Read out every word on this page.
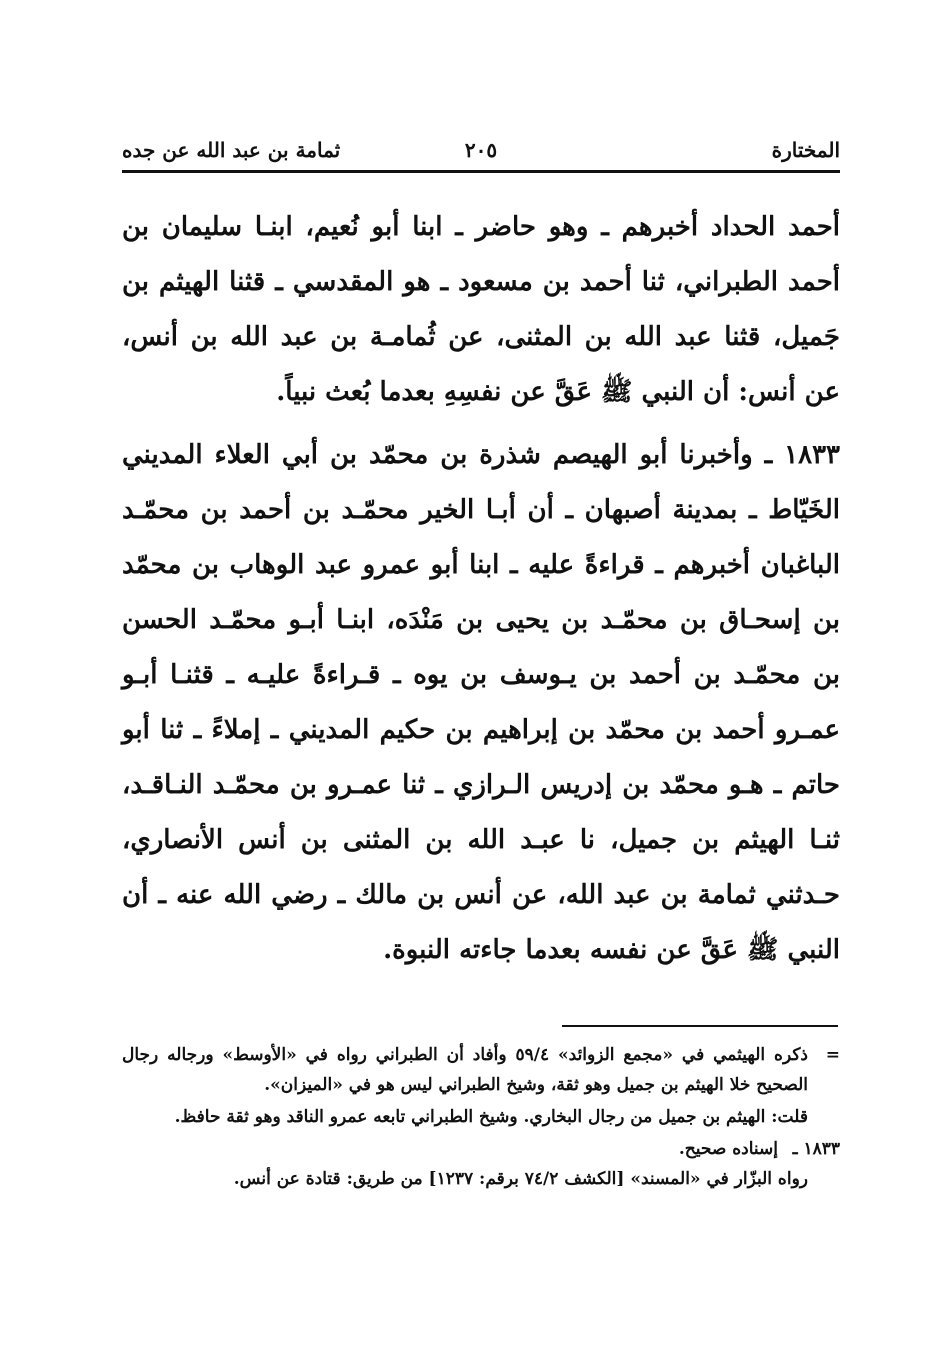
المختارة
٢٠٥
ثمامة بن عبد الله عن جده

أحمد الحداد أخبرهم ـ وهو حاضر ـ ابنا أبو نُعيم، ابنـا سليمان بن أحمد الطبراني، ثنا أحمد بن مسعود ـ هو المقدسي ـ قثنا الهيثم بن جَميل، قثنا عبد الله بن المثنى، عن ثُمامـة بن عبد الله بن أنس، عن أنس: أن النبي ﷺ عَقَّ عن نفسِهِ بعدما بُعث نبياً.

١٨٣٣ ـ وأخبرنا أبو الهيصم شذرة بن محمّد بن أبي العلاء المديني الخَيّاط ـ بمدينة أصبهان ـ أن أبـا الخير محمّـد بن أحمد بن محمّـد الباغبان أخبرهم ـ قراءةً عليه ـ ابنا أبو عمرو عبد الوهاب بن محمّد بن إسحـاق بن محمّـد بن يحيى بن مَنْدَه، ابنـا أبـو محمّـد الحسن بن محمّـد بن أحمد بن يـوسف بن يوه ـ قـراءةً عليـه ـ قثنـا أبـو عمـرو أحمد بن محمّد بن إبراهيم بن حكيم المديني ـ إملاءً ـ ثنا أبو حاتم ـ هـو محمّد بن إدريس الـرازي ـ ثنا عمـرو بن محمّـد النـاقـد، ثنـا الهيثم بن جميل، نا عبـد الله بن المثنى بن أنس الأنصاري، حـدثني ثمامة بن عبد الله، عن أنس بن مالك ـ رضي الله عنه ـ أن النبي ﷺ عَقَّ عن نفسه بعدما جاءته النبوة.

=
ذكره الهيثمي في «مجمع الزوائد» ٥٩/٤ وأفاد أن الطبراني رواه في «الأوسط» ورجاله رجال الصحيح خلا الهيثم بن جميل وهو ثقة، وشيخ الطبراني ليس هو في «الميزان».
قلت: الهيثم بن جميل من رجال البخاري. وشيخ الطبراني تابعه عمرو الناقد وهو ثقة حافظ.
١٨٣٣ ـ
إسناده صحيح.
رواه البزّار في «المسند» [الكشف ٧٤/٢ برقم: ١٢٣٧] من طريق: قتادة عن أنس.
